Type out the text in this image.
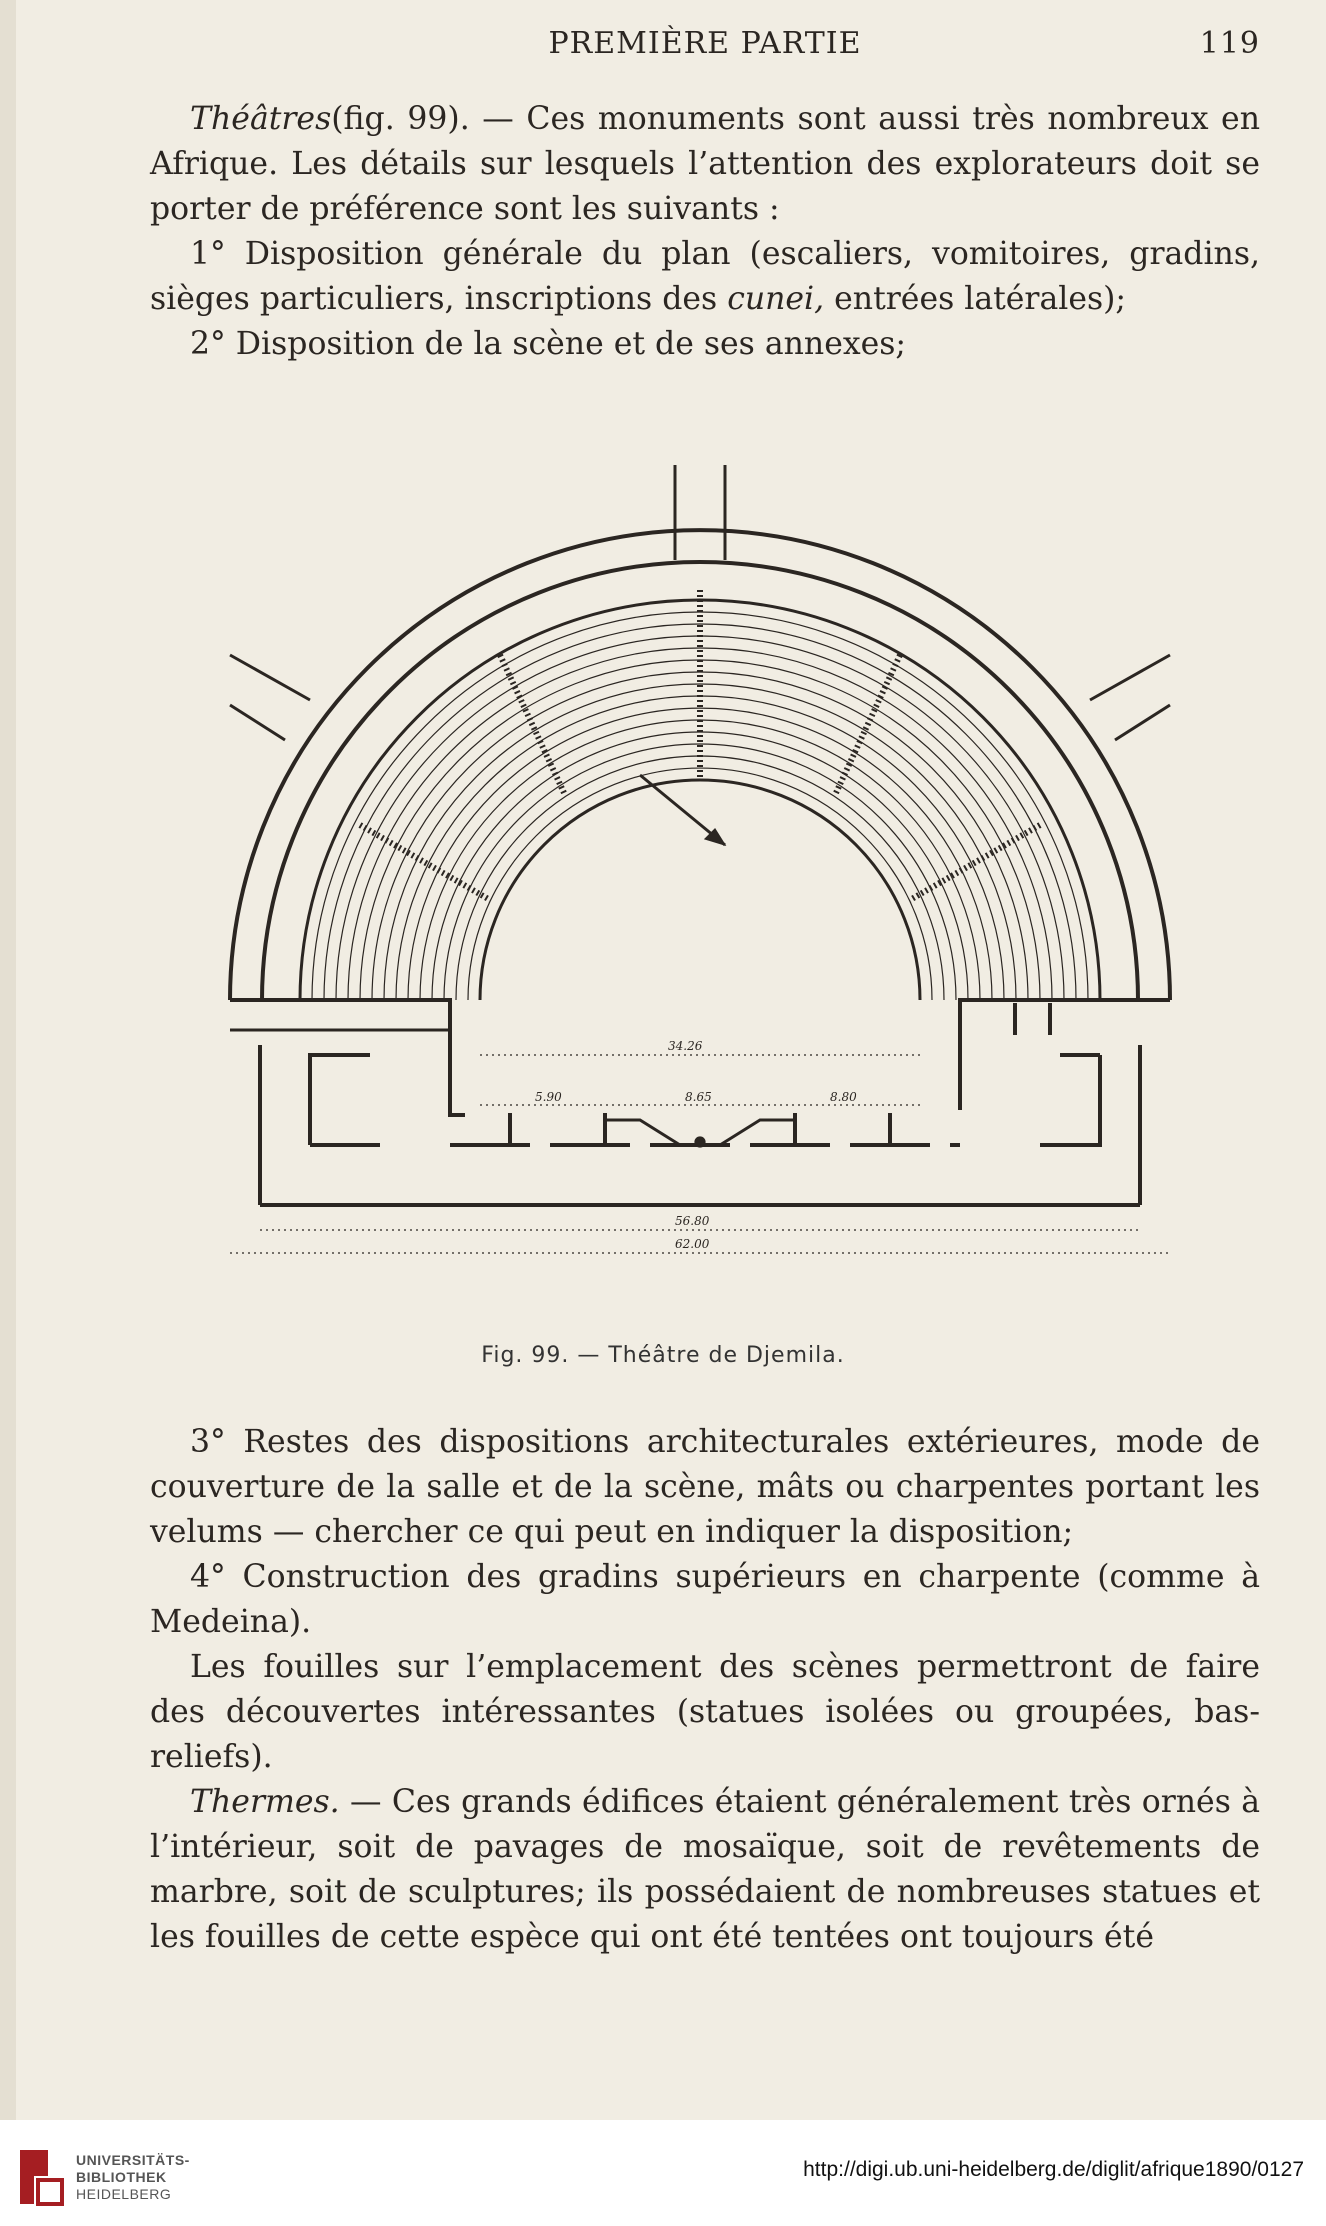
PREMIÈRE PARTIE	119

Théâtres(fig. 99). — Ces monuments sont aussi très nombreux en Afrique. Les détails sur lesquels l’attention des explorateurs doit se porter de préférence sont les suivants :

1° Disposition générale du plan (escaliers, vomitoires, gradins, sièges particuliers, inscriptions des cunei, entrées latérales);

2° Disposition de la scène et de ses annexes;

34.26
5.90	8.65	8.80
56.80
62.00
Fig. 99. — Théâtre de Djemila.

3° Restes des dispositions architecturales extérieures, mode de couverture de la salle et de la scène, mâts ou charpentes portant les velums — chercher ce qui peut en indiquer la disposition;

4° Construction des gradins supérieurs en charpente (comme à Medeina).

Les fouilles sur l’emplacement des scènes permettront de faire des découvertes intéressantes (statues isolées ou groupées, bas-reliefs).

Thermes. — Ces grands édifices étaient généralement très ornés à l’intérieur, soit de pavages de mosaïque, soit de revêtements de marbre, soit de sculptures; ils possédaient de nombreuses statues et les fouilles de cette espèce qui ont été tentées ont toujours été

UNIVERSITÄTS-
BIBLIOTHEK
HEIDELBERG
http://digi.ub.uni-heidelberg.de/diglit/afrique1890/0127
